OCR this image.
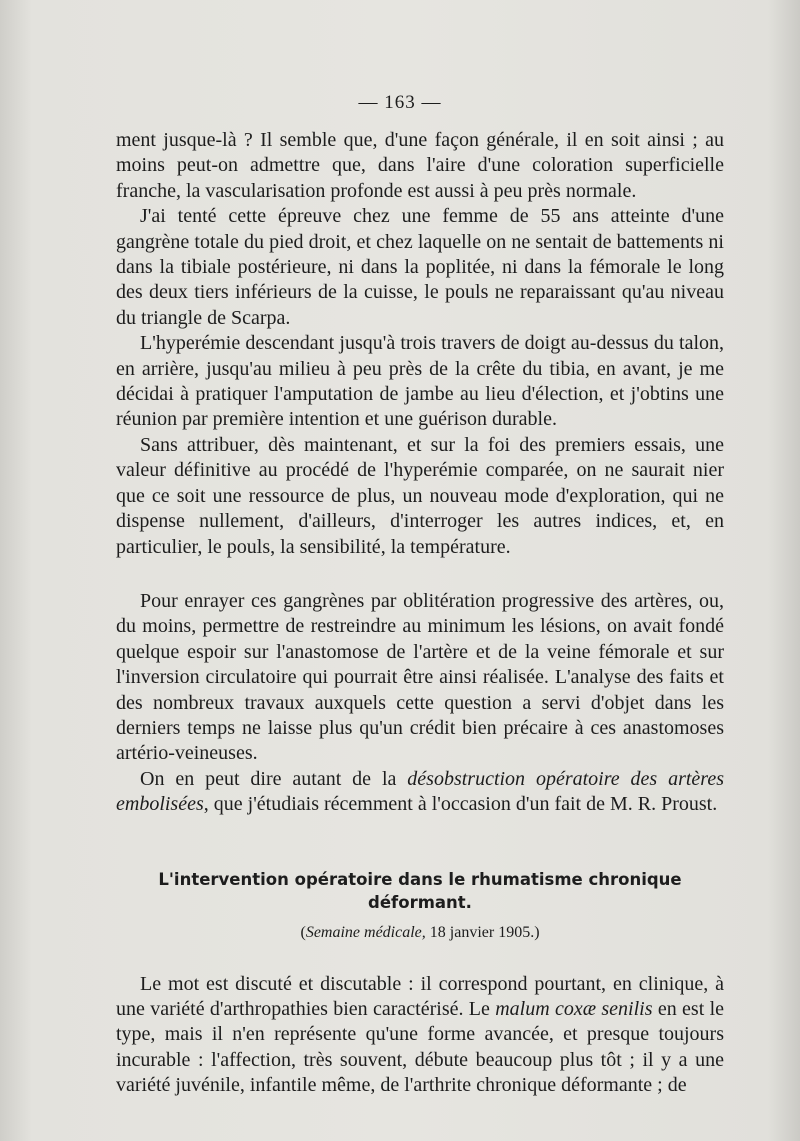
— 163 —

ment jusque-là ? Il semble que, d'une façon générale, il en soit ainsi ; au moins peut-on admettre que, dans l'aire d'une coloration superficielle franche, la vascularisation profonde est aussi à peu près normale.

J'ai tenté cette épreuve chez une femme de 55 ans atteinte d'une gangrène totale du pied droit, et chez laquelle on ne sentait de battements ni dans la tibiale postérieure, ni dans la poplitée, ni dans la fémorale le long des deux tiers inférieurs de la cuisse, le pouls ne reparaissant qu'au niveau du triangle de Scarpa.

L'hyperémie descendant jusqu'à trois travers de doigt au-dessus du talon, en arrière, jusqu'au milieu à peu près de la crête du tibia, en avant, je me décidai à pratiquer l'amputation de jambe au lieu d'élection, et j'obtins une réunion par première intention et une guérison durable.

Sans attribuer, dès maintenant, et sur la foi des premiers essais, une valeur définitive au procédé de l'hyperémie comparée, on ne saurait nier que ce soit une ressource de plus, un nouveau mode d'exploration, qui ne dispense nullement, d'ailleurs, d'interroger les autres indices, et, en particulier, le pouls, la sensibilité, la température.

Pour enrayer ces gangrènes par oblitération progressive des artères, ou, du moins, permettre de restreindre au minimum les lésions, on avait fondé quelque espoir sur l'anastomose de l'artère et de la veine fémorale et sur l'inversion circulatoire qui pourrait être ainsi réalisée. L'analyse des faits et des nombreux travaux auxquels cette question a servi d'objet dans les derniers temps ne laisse plus qu'un crédit bien précaire à ces anastomoses artério-veineuses.

On en peut dire autant de la désobstruction opératoire des artères embolisées, que j'étudiais récemment à l'occasion d'un fait de M. R. Proust.

L'intervention opératoire dans le rhumatisme chronique
déformant.
(Semaine médicale, 18 janvier 1905.)

Le mot est discuté et discutable : il correspond pourtant, en clinique, à une variété d'arthropathies bien caractérisé. Le malum coxæ senilis en est le type, mais il n'en représente qu'une forme avancée, et presque toujours incurable : l'affection, très souvent, débute beaucoup plus tôt ; il y a une variété juvénile, infantile même, de l'arthrite chronique déformante ; de
